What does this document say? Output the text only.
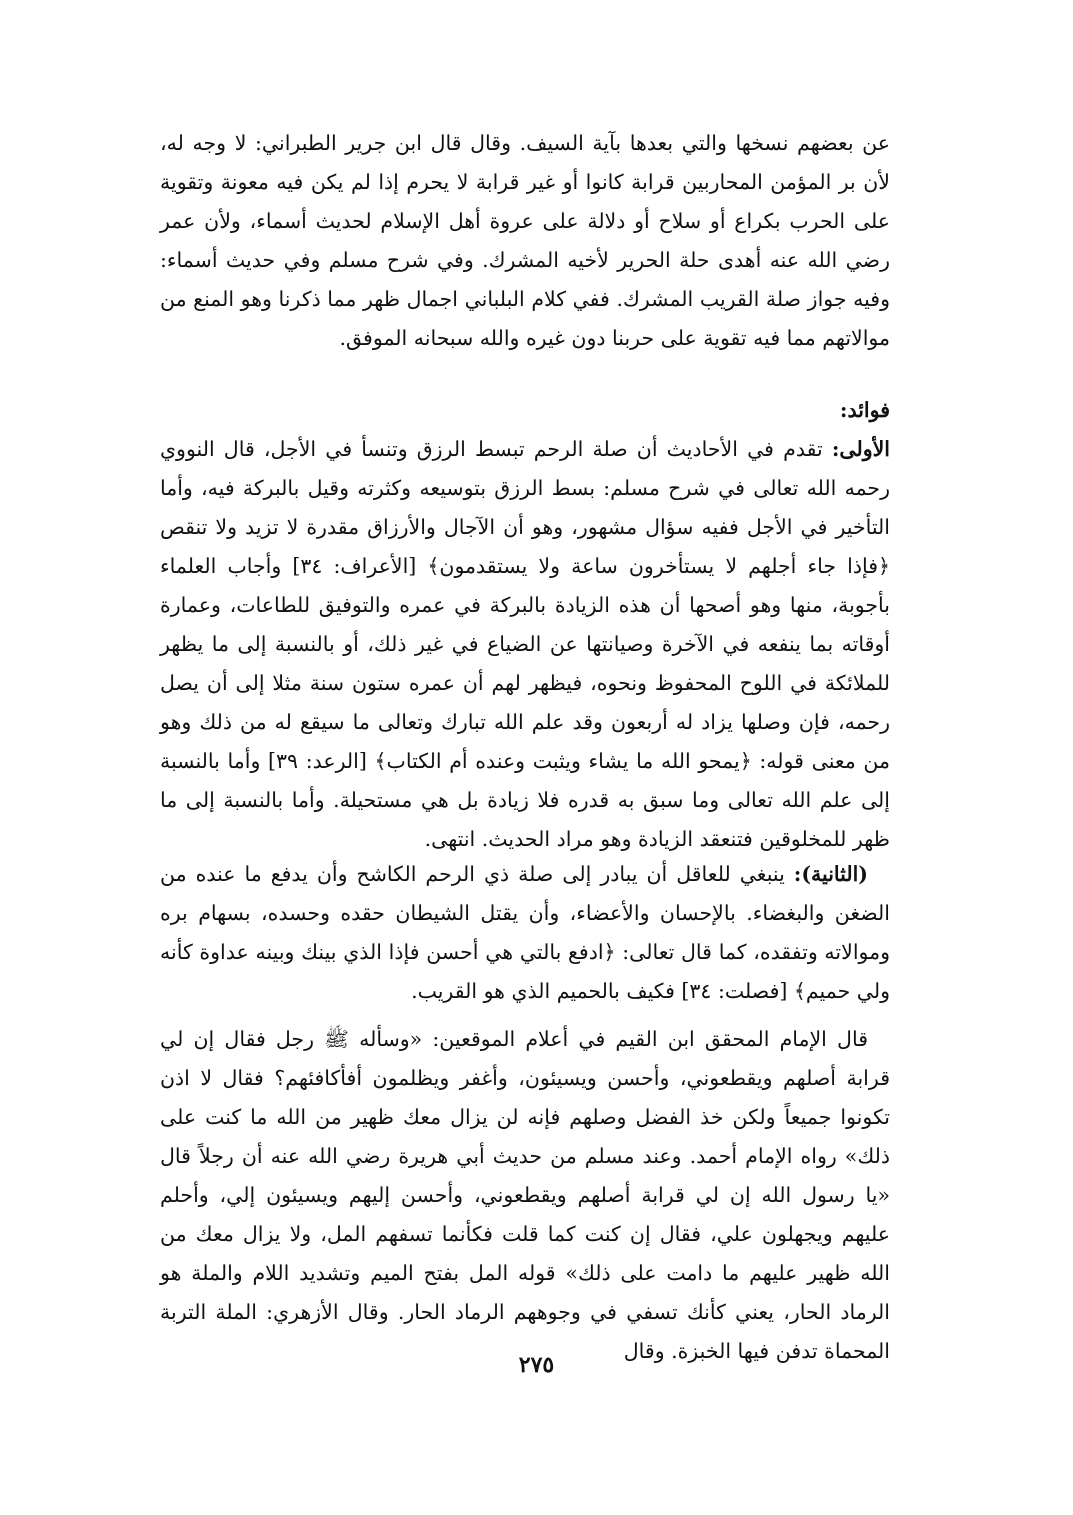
عن بعضهم نسخها والتي بعدها بآية السيف. وقال قال ابن جرير الطبراني: لا وجه له، لأن بر المؤمن المحاربين قرابة كانوا أو غير قرابة لا يحرم إذا لم يكن فيه معونة وتقوية على الحرب بكراع أو سلاح أو دلالة على عروة أهل الإسلام لحديث أسماء، ولأن عمر رضي الله عنه أهدى حلة الحرير لأخيه المشرك. وفي شرح مسلم وفي حديث أسماء: وفيه جواز صلة القريب المشرك. ففي كلام البلباني اجمال ظهر مما ذكرنا وهو المنع من موالاتهم مما فيه تقوية على حربنا دون غيره والله سبحانه الموفق.

فوائد:

الأولى: تقدم في الأحاديث أن صلة الرحم تبسط الرزق وتنسأ في الأجل، قال النووي رحمه الله تعالى في شرح مسلم: بسط الرزق بتوسيعه وكثرته وقيل بالبركة فيه، وأما التأخير في الأجل ففيه سؤال مشهور، وهو أن الآجال والأرزاق مقدرة لا تزيد ولا تنقص ﴿فإذا جاء أجلهم لا يستأخرون ساعة ولا يستقدمون﴾ [الأعراف: ٣٤] وأجاب العلماء بأجوبة، منها وهو أصحها أن هذه الزيادة بالبركة في عمره والتوفيق للطاعات، وعمارة أوقاته بما ينفعه في الآخرة وصيانتها عن الضياع في غير ذلك، أو بالنسبة إلى ما يظهر للملائكة في اللوح المحفوظ ونحوه، فيظهر لهم أن عمره ستون سنة مثلا إلى أن يصل رحمه، فإن وصلها يزاد له أربعون وقد علم الله تبارك وتعالى ما سيقع له من ذلك وهو من معنى قوله: ﴿يمحو الله ما يشاء ويثبت وعنده أم الكتاب﴾ [الرعد: ٣٩] وأما بالنسبة إلى علم الله تعالى وما سبق به قدره فلا زيادة بل هي مستحيلة. وأما بالنسبة إلى ما ظهر للمخلوقين فتنعقد الزيادة وهو مراد الحديث. انتهى.

(الثانية): ينبغي للعاقل أن يبادر إلى صلة ذي الرحم الكاشح وأن يدفع ما عنده من الضغن والبغضاء. بالإحسان والأعضاء، وأن يقتل الشيطان حقده وحسده، بسهام بره وموالاته وتفقده، كما قال تعالى: ﴿ادفع بالتي هي أحسن فإذا الذي بينك وبينه عداوة كأنه ولي حميم﴾ [فصلت: ٣٤] فكيف بالحميم الذي هو القريب.

قال الإمام المحقق ابن القيم في أعلام الموقعين: «وسأله ﷺ رجل فقال إن لي قرابة أصلهم ويقطعوني، وأحسن ويسيئون، وأغفر ويظلمون أفأكافئهم؟ فقال لا اذن تكونوا جميعاً ولكن خذ الفضل وصلهم فإنه لن يزال معك ظهير من الله ما كنت على ذلك» رواه الإمام أحمد. وعند مسلم من حديث أبي هريرة رضي الله عنه أن رجلاً قال «يا رسول الله إن لي قرابة أصلهم ويقطعوني، وأحسن إليهم ويسيئون إلي، وأحلم عليهم ويجهلون علي، فقال إن كنت كما قلت فكأنما تسفهم المل، ولا يزال معك من الله ظهير عليهم ما دامت على ذلك» قوله المل بفتح الميم وتشديد اللام والملة هو الرماد الحار، يعني كأنك تسفي في وجوههم الرماد الحار. وقال الأزهري: الملة التربة المحماة تدفن فيها الخبزة. وقال

٢٧٥
